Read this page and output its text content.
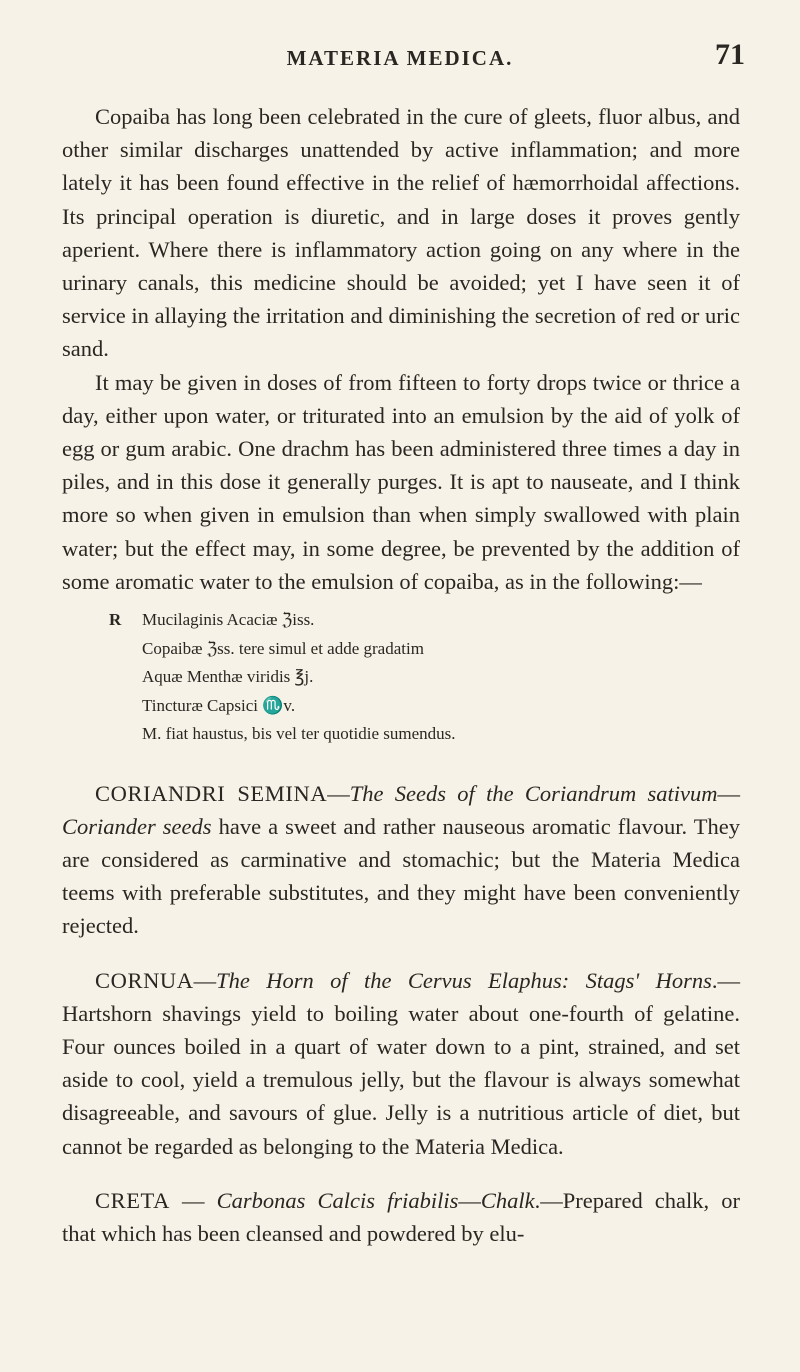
MATERIA MEDICA.	71

Copaiba has long been celebrated in the cure of gleets, fluor albus, and other similar discharges unattended by active inflammation; and more lately it has been found effective in the relief of hæmorrhoidal affections. Its principal operation is diuretic, and in large doses it proves gently aperient. Where there is inflammatory action going on any where in the urinary canals, this medicine should be avoided; yet I have seen it of service in allaying the irritation and diminishing the secretion of red or uric sand.

It may be given in doses of from fifteen to forty drops twice or thrice a day, either upon water, or triturated into an emulsion by the aid of yolk of egg or gum arabic. One drachm has been administered three times a day in piles, and in this dose it generally purges. It is apt to nauseate, and I think more so when given in emulsion than when simply swallowed with plain water; but the effect may, in some degree, be prevented by the addition of some aromatic water to the emulsion of copaiba, as in the following:—

R Mucilaginis Acaciæ ℨiss.
Copaibæ ℨss. tere simul et adde gradatim
Aquæ Menthæ viridis ℥j.
Tincturæ Capsici ♏v.
M. fiat haustus, bis vel ter quotidie sumendus.

CORIANDRI SEMINA—The Seeds of the Coriandrum sativum—Coriander seeds have a sweet and rather nauseous aromatic flavour. They are considered as carminative and stomachic; but the Materia Medica teems with preferable substitutes, and they might have been conveniently rejected.

CORNUA—The Horn of the Cervus Elaphus: Stags' Horns.—Hartshorn shavings yield to boiling water about one-fourth of gelatine. Four ounces boiled in a quart of water down to a pint, strained, and set aside to cool, yield a tremulous jelly, but the flavour is always somewhat disagreeable, and savours of glue. Jelly is a nutritious article of diet, but cannot be regarded as belonging to the Materia Medica.

CRETA — Carbonas Calcis friabilis—Chalk.—Prepared chalk, or that which has been cleansed and powdered by elu-
